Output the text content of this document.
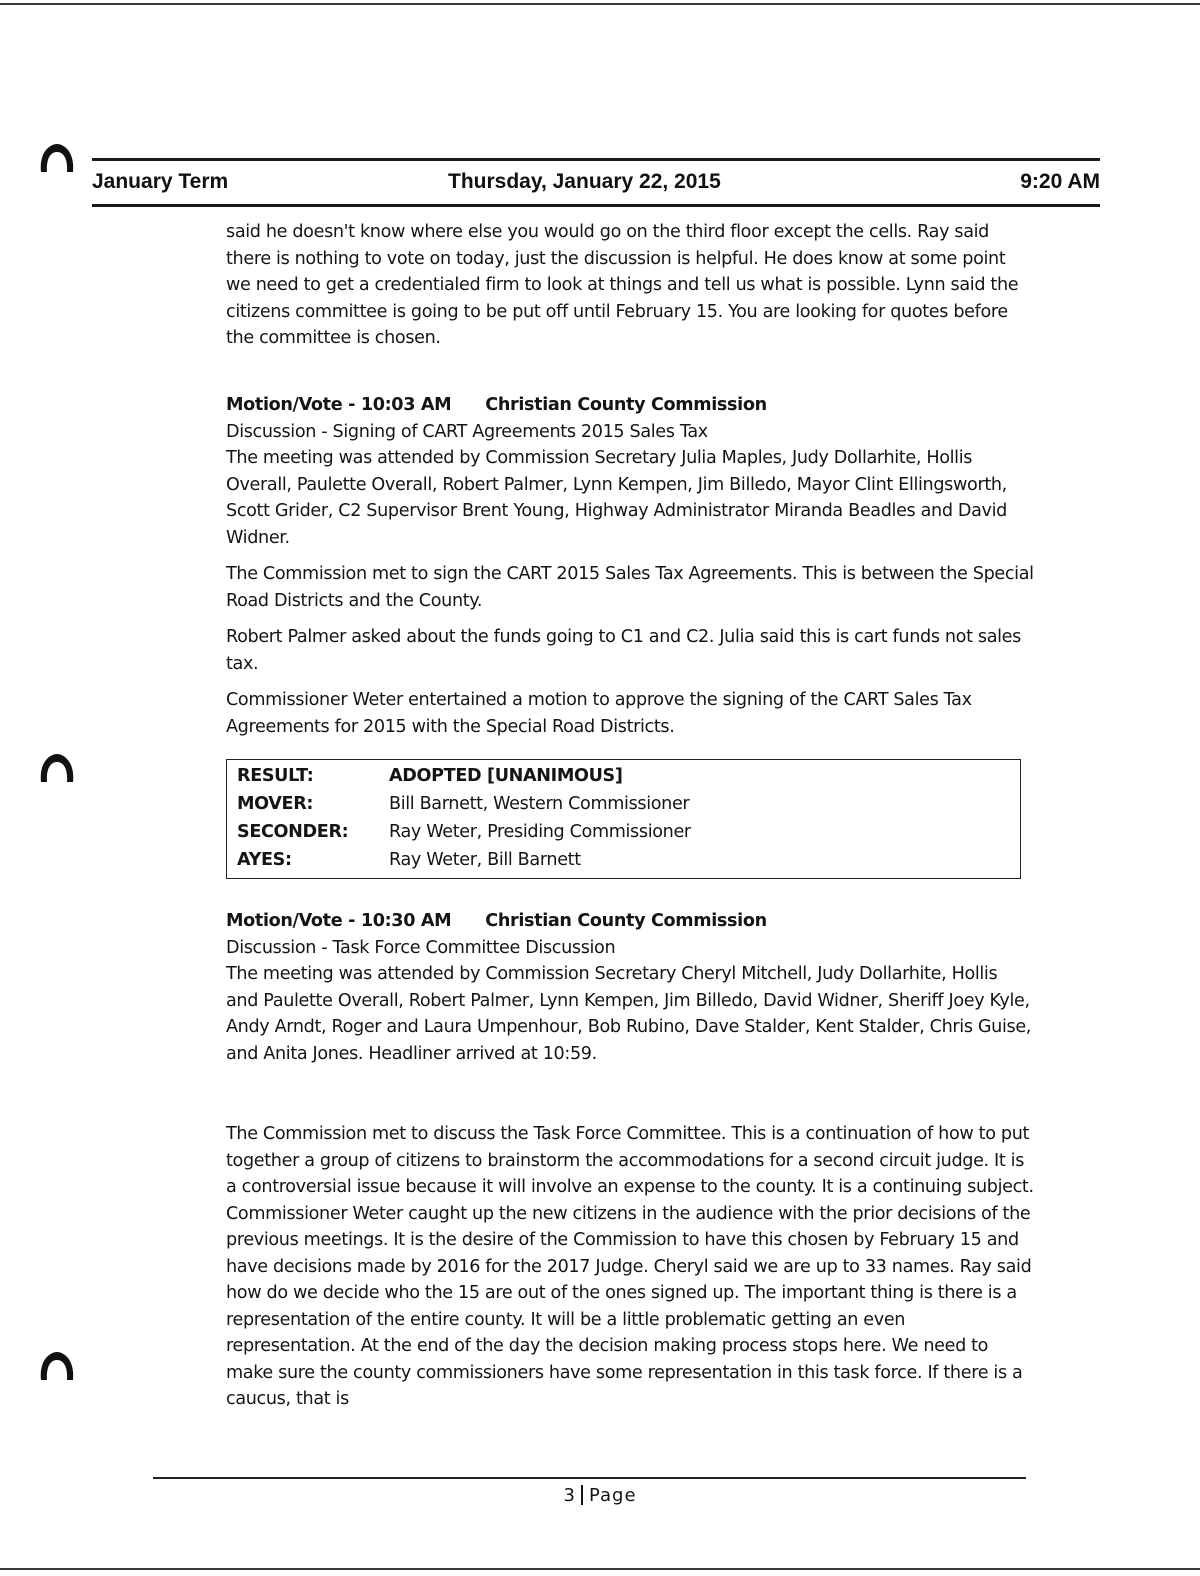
January Term	Thursday, January 22, 2015	9:20 AM

said he doesn't know where else you would go on the third floor except the cells. Ray said there is nothing to vote on today, just the discussion is helpful. He does know at some point we need to get a credentialed firm to look at things and tell us what is possible. Lynn said the citizens committee is going to be put off until February 15. You are looking for quotes before the committee is chosen.

Motion/Vote - 10:03 AM Christian County Commission

Discussion - Signing of CART Agreements 2015 Sales Tax

The meeting was attended by Commission Secretary Julia Maples, Judy Dollarhite, Hollis Overall, Paulette Overall, Robert Palmer, Lynn Kempen, Jim Billedo, Mayor Clint Ellingsworth, Scott Grider, C2 Supervisor Brent Young, Highway Administrator Miranda Beadles and David Widner.

The Commission met to sign the CART 2015 Sales Tax Agreements. This is between the Special Road Districts and the County.

Robert Palmer asked about the funds going to C1 and C2. Julia said this is cart funds not sales tax.

Commissioner Weter entertained a motion to approve the signing of the CART Sales Tax Agreements for 2015 with the Special Road Districts.

RESULT:	ADOPTED [UNANIMOUS]
MOVER:	Bill Barnett, Western Commissioner
SECONDER: Ray Weter, Presiding Commissioner
AYES:	Ray Weter, Bill Barnett
Motion/Vote - 10:30 AM Christian County Commission

Discussion - Task Force Committee Discussion

The meeting was attended by Commission Secretary Cheryl Mitchell, Judy Dollarhite, Hollis and Paulette Overall, Robert Palmer, Lynn Kempen, Jim Billedo, David Widner, Sheriff Joey Kyle, Andy Arndt, Roger and Laura Umpenhour, Bob Rubino, Dave Stalder, Kent Stalder, Chris Guise, and Anita Jones. Headliner arrived at 10:59.

The Commission met to discuss the Task Force Committee. This is a continuation of how to put together a group of citizens to brainstorm the accommodations for a second circuit judge. It is a controversial issue because it will involve an expense to the county. It is a continuing subject. Commissioner Weter caught up the new citizens in the audience with the prior decisions of the previous meetings. It is the desire of the Commission to have this chosen by February 15 and have decisions made by 2016 for the 2017 Judge. Cheryl said we are up to 33 names. Ray said how do we decide who the 15 are out of the ones signed up. The important thing is there is a representation of the entire county. It will be a little problematic getting an even representation. At the end of the day the decision making process stops here. We need to make sure the county commissioners have some representation in this task force. If there is a caucus, that is

3 Page
